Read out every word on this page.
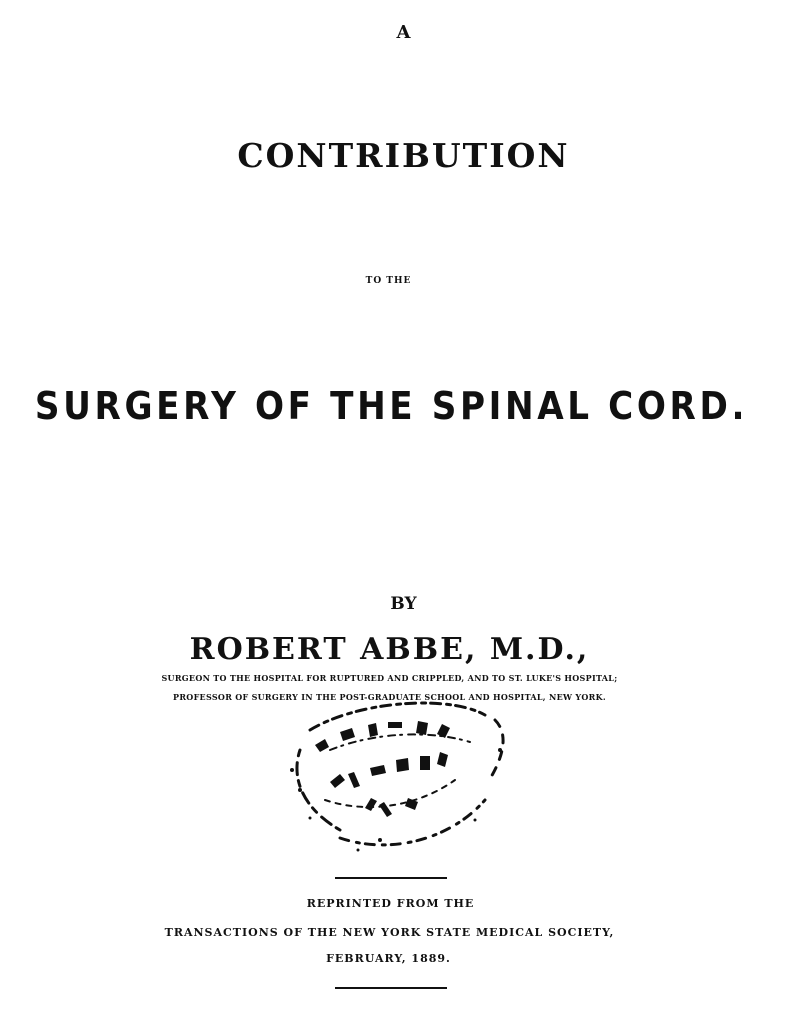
A
CONTRIBUTION
TO THE
SURGERY OF THE SPINAL CORD.
BY
ROBERT ABBE, M.D.,
SURGEON TO THE HOSPITAL FOR RUPTURED AND CRIPPLED, AND TO ST. LUKE'S HOSPITAL;
PROFESSOR OF SURGERY IN THE POST-GRADUATE SCHOOL AND HOSPITAL, NEW YORK.
REPRINTED FROM THE
TRANSACTIONS OF THE NEW YORK STATE MEDICAL SOCIETY,
FEBRUARY, 1889.
